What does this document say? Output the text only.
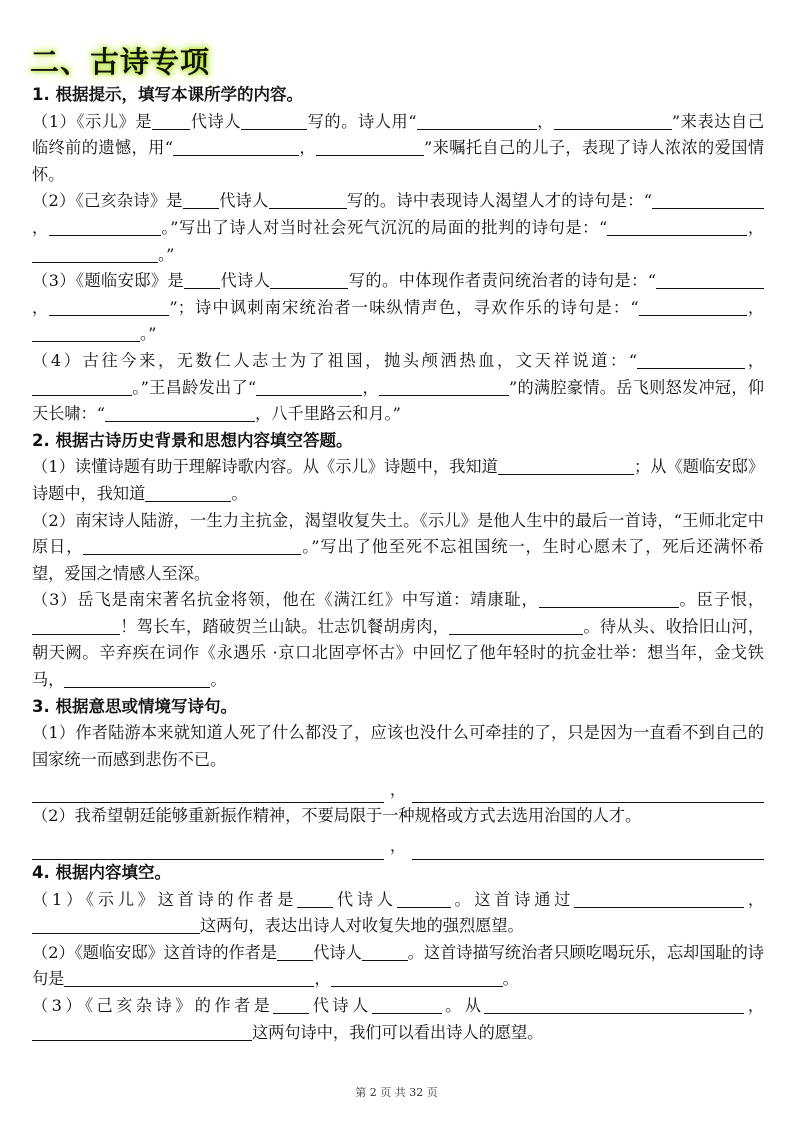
二、古诗专项
1. 根据提示，填写本课所学的内容。
（1）《示儿》是 代诗人	写的。诗人用“	，	”来表达自己临终前的遗憾，用“	，	”来嘱托自己的儿子，表现了诗人浓浓的爱国情怀。
（2）《己亥杂诗》是 代诗人	写的。诗中表现诗人渴望人才的诗句是：“，	。”写出了诗人对当时社会死气沉沉的局面的批判的诗句是：“	，。”
（3）《题临安邸》是 代诗人	写的。中体现作者责问统治者的诗句是：“，	”；诗中讽刺南宋统治者一味纵情声色，寻欢作乐的诗句是：“	，。”
（4）古往今来，无数仁人志士为了祖国，抛头颅洒热血，文天祥说道：“	，。”王昌龄发出了“	，	”的满腔豪情。岳飞则怒发冲冠，仰天长啸：“	，八千里路云和月。”
2. 根据古诗历史背景和思想内容填空答题。
（1）读懂诗题有助于理解诗歌内容。从《示儿》诗题中，我知道	；从《题临安邸》诗题中，我知道	。
（2）南宋诗人陆游，一生力主抗金，渴望收复失土。《示儿》是他人生中的最后一首诗，“王师北定中原日，	。”写出了他至死不忘祖国统一，生时心愿未了，死后还满怀希望，爱国之情感人至深。
（3）岳飞是南宋著名抗金将领，他在《满江红》中写道：靖康耻，	。臣子恨，！驾长车，踏破贺兰山缺。壮志饥餐胡虏肉，	。待从头、收拾旧山河，朝天阙。辛弃疾在词作《永遇乐 ·京口北固亭怀古》中回忆了他年轻时的抗金壮举：想当年，金戈铁马，	。
3. 根据意思或情境写诗句。
（1）作者陆游本来就知道人死了什么都没了，应该也没什么可牵挂的了，只是因为一直看不到自己的国家统一而感到悲伤不已。
，
（2）我希望朝廷能够重新振作精神，不要局限于一种规格或方式去选用治国的人才。
，
4. 根据内容填空。
（1）《示儿》这首诗的作者是 代诗人	。这首诗通过	，这两句，表达出诗人对收复失地的强烈愿望。
（2）《题临安邸》这首诗的作者是 代诗人	。这首诗描写统治者只顾吃喝玩乐，忘却国耻的诗句是	，	。
（3）《己亥杂诗》的作者是 代诗人	。从	，这两句诗中，我们可以看出诗人的愿望。
第 2 页 共 32 页
